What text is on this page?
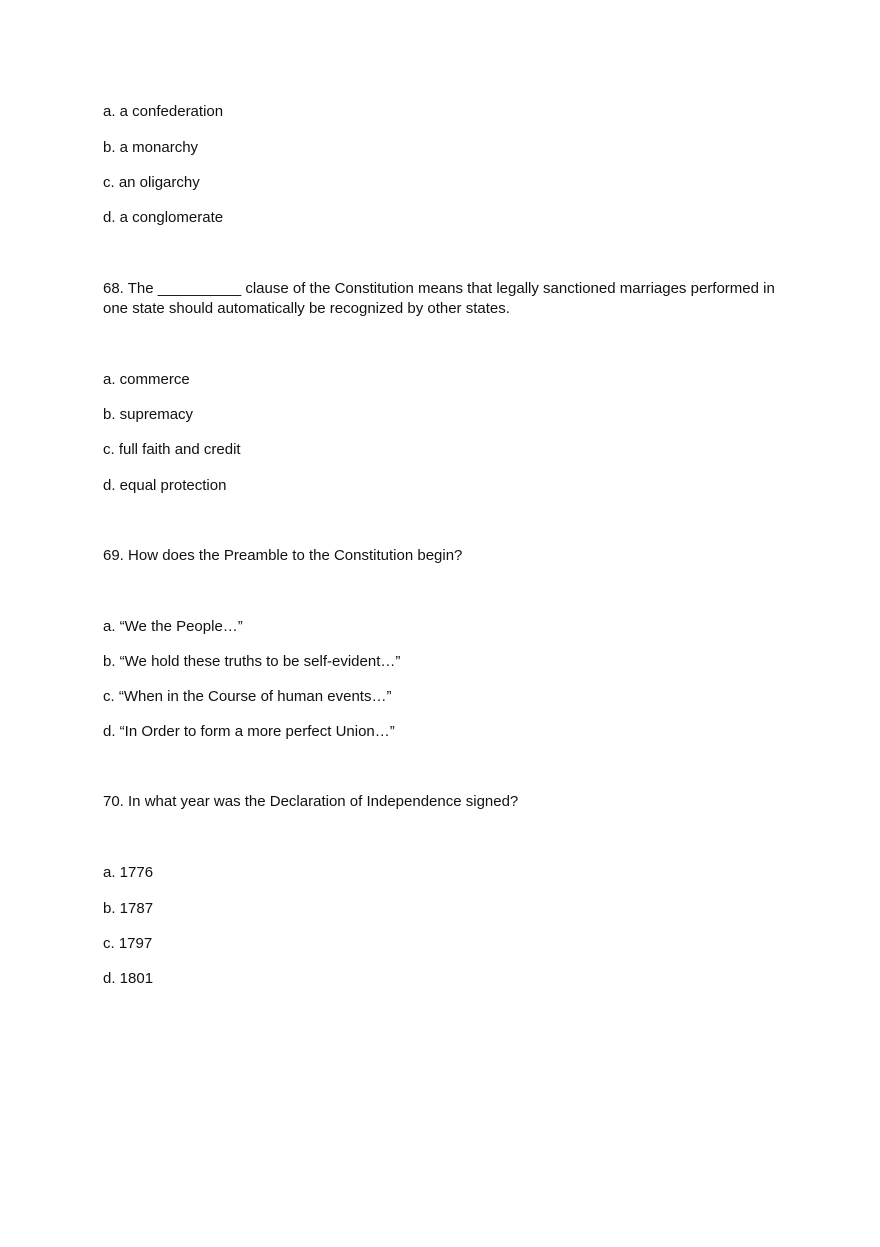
a. a confederation

b. a monarchy

c. an oligarchy

d. a conglomerate

68. The __________ clause of the Constitution means that legally sanctioned marriages performed in one state should automatically be recognized by other states.

a. commerce

b. supremacy

c. full faith and credit

d. equal protection

69. How does the Preamble to the Constitution begin?

a. “We the People…”

b. “We hold these truths to be self-evident…”

c. “When in the Course of human events…”

d. “In Order to form a more perfect Union…”

70. In what year was the Declaration of Independence signed?

a. 1776

b. 1787

c. 1797

d. 1801
